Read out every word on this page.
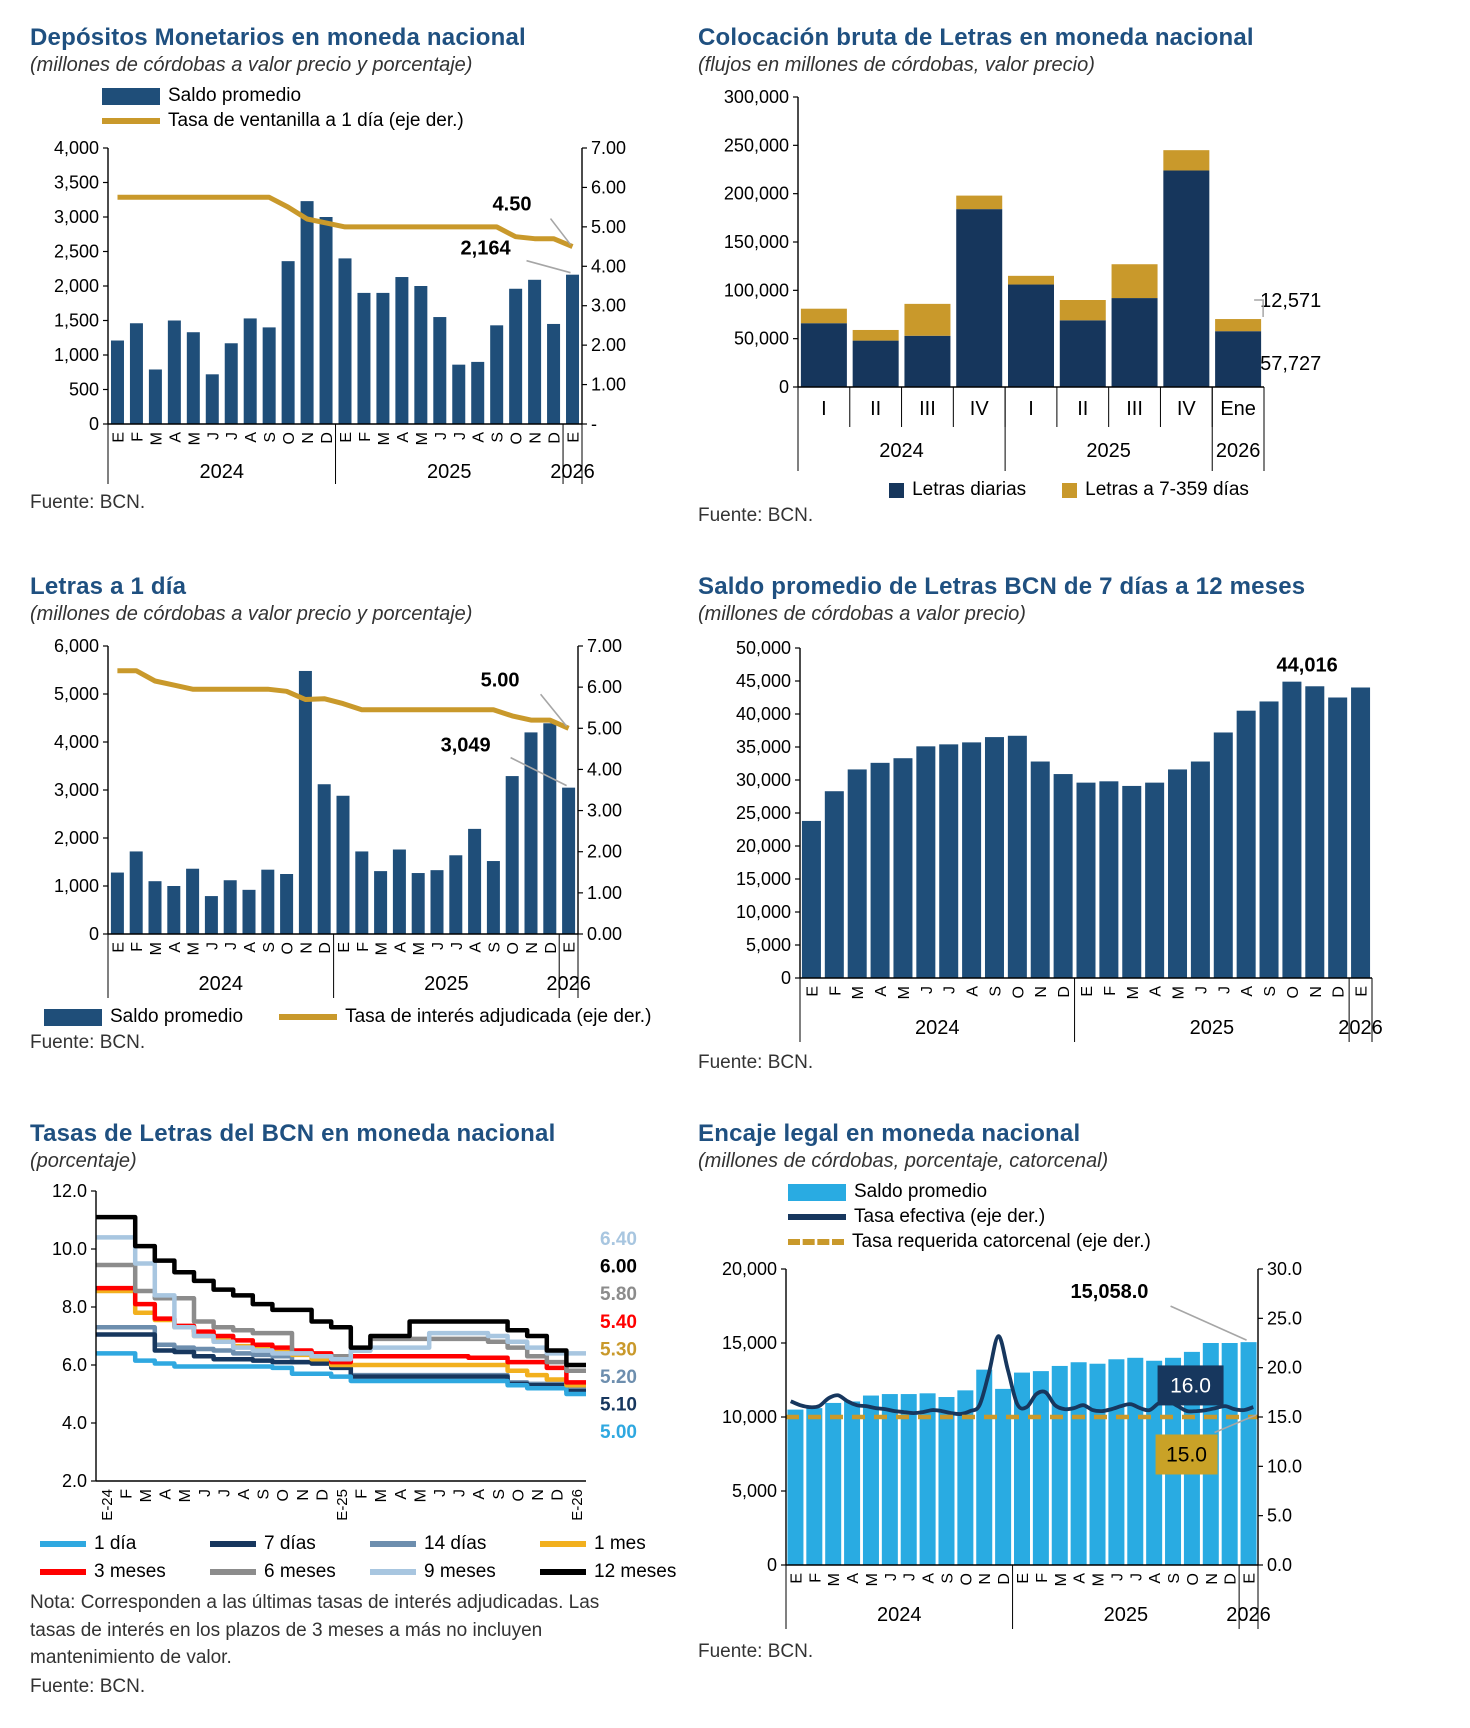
Depósitos Monetarios en moneda nacional

(millones de córdobas a valor precio y porcentaje)

Saldo promedio
Tasa de ventanilla a 1 día (eje der.)
4,000
3,500
3,000
2,500
2,000
1,500
1,000
500
0
7.00
6.00
5.00
4.00
3.00
2.00
1.00
-
E F M A M J J A S O N D E F M A M J J A S O N D E
2024	2025	2026
4.50
2,164

Fuente: BCN.

Colocación bruta de Letras en moneda nacional

(flujos en millones de córdobas, valor precio)

300,000
250,000
200,000
150,000
100,000
50,000
0
I II III IV I II III IV Ene
2024	2025	2026
12,571
57,727
Letras diarias	Letras a 7-359 días

Fuente: BCN.

Letras a 1 día

(millones de córdobas a valor precio y porcentaje)

6,000
5,000
4,000
3,000
2,000
1,000
0
7.00
6.00
5.00
4.00
3.00
2.00
1.00
0.00
E F M A M J J A S O N D E F M A M J J A S O N D E
2024	2025	2026
5.00
3,049
Saldo promedio	Tasa de interés adjudicada (eje der.)

Fuente: BCN.

Saldo promedio de Letras BCN de 7 días a 12 meses

(millones de córdobas a valor precio)

50,000
45,000
40,000
35,000
30,000
25,000
20,000
15,000
10,000
5,000
0
E F M A M J J A S O N D E F M A M J J A S O N D E
2024	2025	2026
44,016

Fuente: BCN.

Tasas de Letras del BCN en moneda nacional

(porcentaje)

12.0
10.0
8.0
6.0
4.0
2.0
E-24 F M A M J J A S O N D E-25 F M A M J J A S O N D E-26
6.40
6.00
5.80
5.40
5.30
5.20
5.10
5.00
1 día	7 días	14 días	1 mes
3 meses	6 meses	9 meses	12 meses

Nota: Corresponden a las últimas tasas de interés adjudicadas. Las tasas de interés en los plazos de 3 meses a más no incluyen mantenimiento de valor.

Fuente: BCN.

Encaje legal en moneda nacional

(millones de córdobas, porcentaje, catorcenal)

Saldo promedio
Tasa efectiva (eje der.)
Tasa requerida catorcenal (eje der.)
20,000
15,000
10,000
5,000
0
30.0
25.0
20.0
15.0
10.0
5.0
0.0
E F M A M J J A S O N D E F M A M J J A S O N D E
2024	2025	2026
15,058.0
16.0
15.0

Fuente: BCN.
